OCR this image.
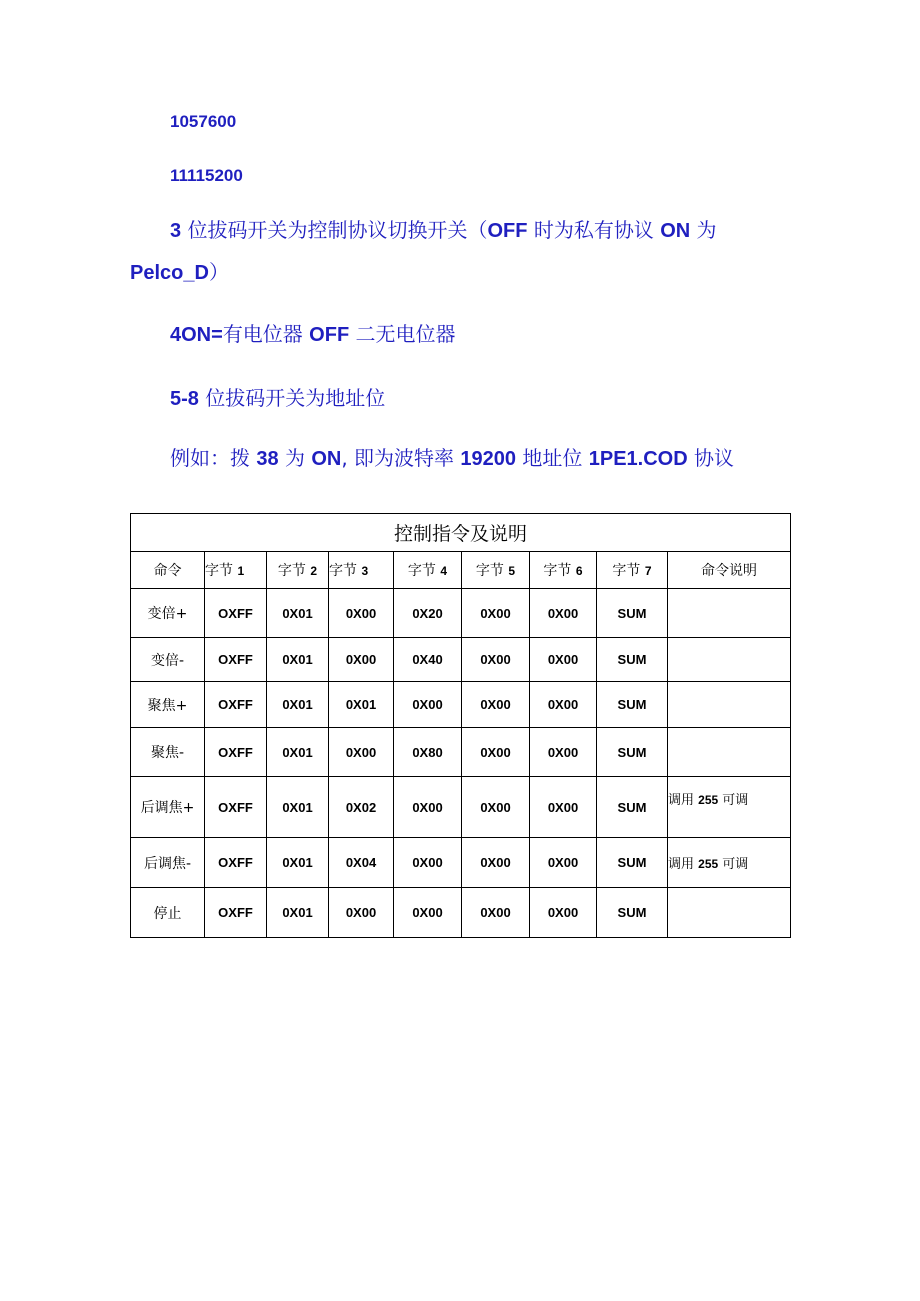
1057600
11115200
3 位拔码开关为控制协议切换开关（OFF 时为私有协议 ON 为
Pelco_D）
4ON=有电位器 OFF 二无电位器
5-8 位拔码开关为地址位
例如：拨 38 为 ON, 即为波特率 19200 地址位 1PE1.COD 协议
控制指令及说明								
命令	字节 1	字节 2	字节 3	字节 4	字节 5	字节 6	字节 7	命令说明
变倍+	OXFF	0X01	0X00	0X20	0X00	0X00	SUM	
变倍-	OXFF	0X01	0X00	0X40	0X00	0X00	SUM	
聚焦+	OXFF	0X01	0X01	0X00	0X00	0X00	SUM	
聚焦-	OXFF	0X01	0X00	0X80	0X00	0X00	SUM	
后调焦+	OXFF	0X01	0X02	0X00	0X00	0X00	SUM	调用 255 可调
后调焦-	OXFF	0X01	0X04	0X00	0X00	0X00	SUM	调用 255 可调
停止	OXFF	0X01	0X00	0X00	0X00	0X00	SUM	
